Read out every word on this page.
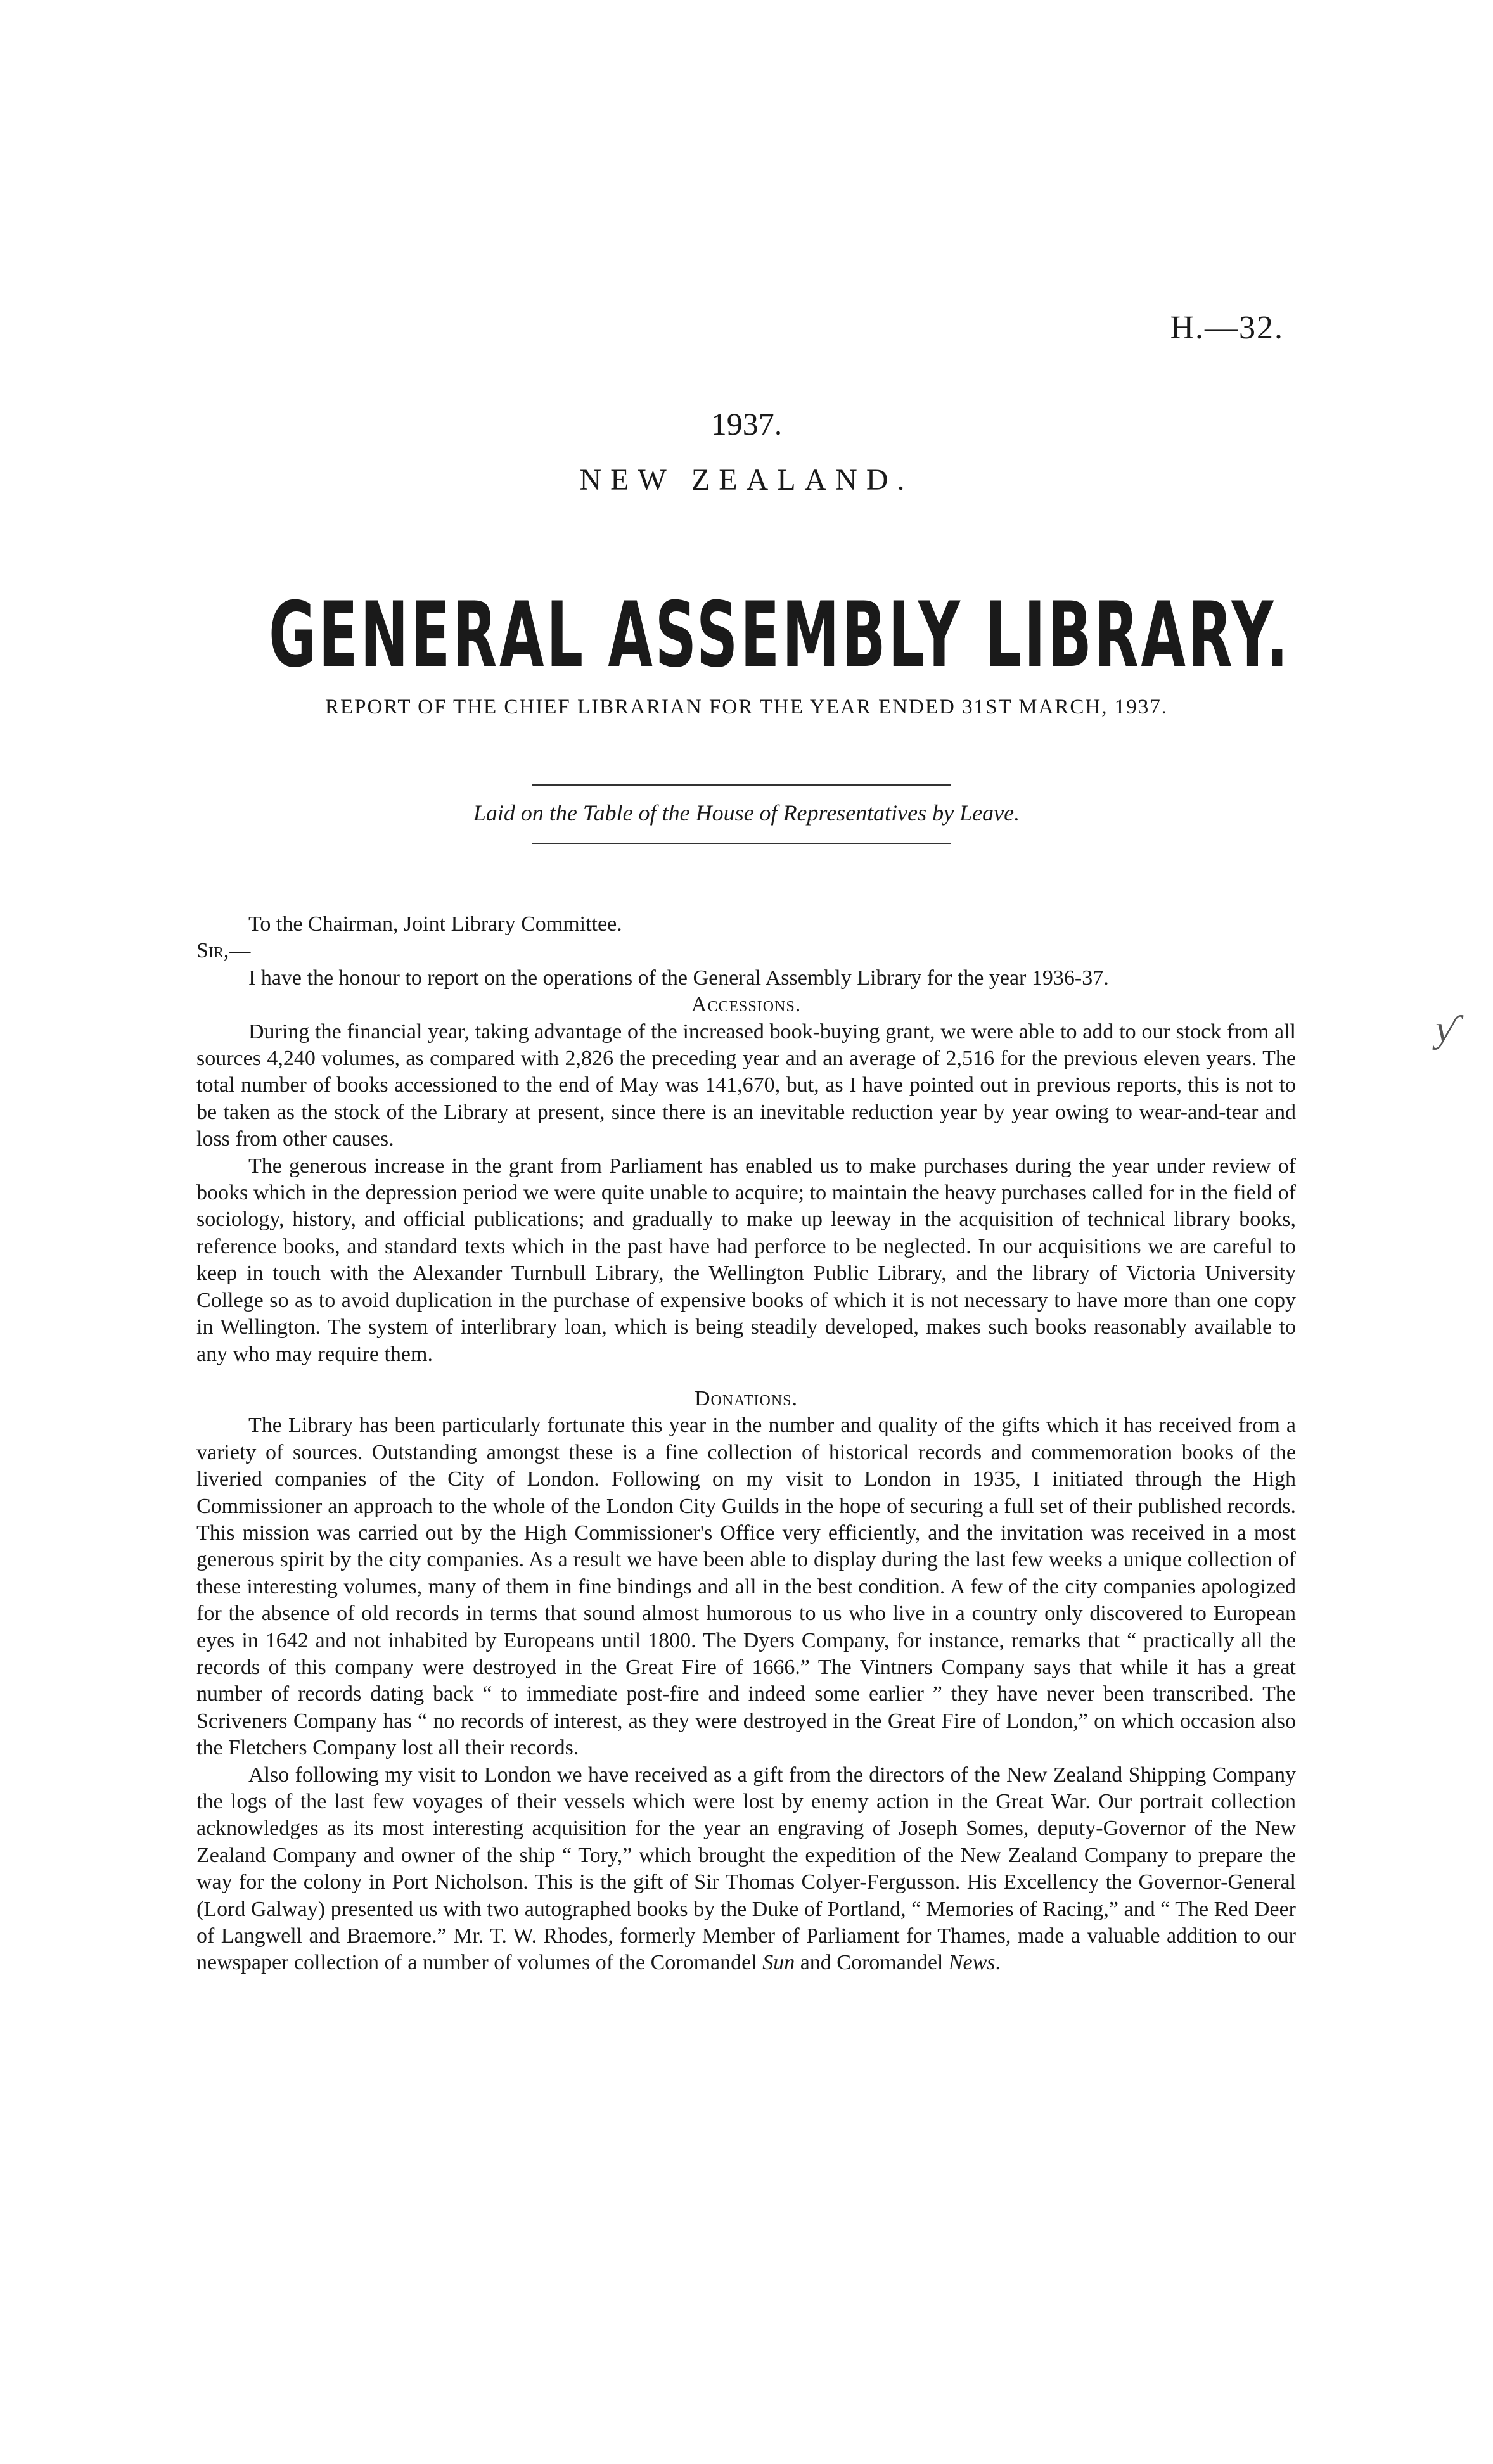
H.—32.
1937.
NEW ZEALAND.
GENERAL ASSEMBLY LIBRARY.
REPORT OF THE CHIEF LIBRARIAN FOR THE YEAR ENDED 31ST MARCH, 1937.
Laid on the Table of the House of Representatives by Leave.
ƴ

To the Chairman, Joint Library Committee.

Sir,—

I have the honour to report on the operations of the General Assembly Library for the year 1936-37.

Accessions.

During the financial year, taking advantage of the increased book-buying grant, we were able to add to our stock from all sources 4,240 volumes, as compared with 2,826 the preceding year and an average of 2,516 for the previous eleven years. The total number of books accessioned to the end of May was 141,670, but, as I have pointed out in previous reports, this is not to be taken as the stock of the Library at present, since there is an inevitable reduction year by year owing to wear-and-tear and loss from other causes.

The generous increase in the grant from Parliament has enabled us to make purchases during the year under review of books which in the depression period we were quite unable to acquire; to maintain the heavy purchases called for in the field of sociology, history, and official publications; and gradually to make up leeway in the acquisition of technical library books, reference books, and standard texts which in the past have had perforce to be neglected. In our acquisitions we are careful to keep in touch with the Alexander Turnbull Library, the Wellington Public Library, and the library of Victoria University College so as to avoid duplication in the purchase of expensive books of which it is not necessary to have more than one copy in Wellington. The system of interlibrary loan, which is being steadily developed, makes such books reasonably available to any who may require them.

Donations.

The Library has been particularly fortunate this year in the number and quality of the gifts which it has received from a variety of sources. Outstanding amongst these is a fine collection of historical records and commemoration books of the liveried companies of the City of London. Following on my visit to London in 1935, I initiated through the High Commissioner an approach to the whole of the London City Guilds in the hope of securing a full set of their published records. This mission was carried out by the High Commissioner's Office very efficiently, and the invitation was received in a most generous spirit by the city companies. As a result we have been able to display during the last few weeks a unique collection of these interesting volumes, many of them in fine bindings and all in the best condition. A few of the city companies apologized for the absence of old records in terms that sound almost humorous to us who live in a country only discovered to European eyes in 1642 and not inhabited by Europeans until 1800. The Dyers Company, for instance, remarks that “ practically all the records of this company were destroyed in the Great Fire of 1666.” The Vintners Company says that while it has a great number of records dating back “ to immediate post-fire and indeed some earlier ” they have never been transcribed. The Scriveners Company has “ no records of interest, as they were destroyed in the Great Fire of London,” on which occasion also the Fletchers Company lost all their records.

Also following my visit to London we have received as a gift from the directors of the New Zealand Shipping Company the logs of the last few voyages of their vessels which were lost by enemy action in the Great War. Our portrait collection acknowledges as its most interesting acquisition for the year an engraving of Joseph Somes, deputy-Governor of the New Zealand Company and owner of the ship “ Tory,” which brought the expedition of the New Zealand Company to prepare the way for the colony in Port Nicholson. This is the gift of Sir Thomas Colyer-Fergusson. His Excellency the Governor-General (Lord Galway) presented us with two autographed books by the Duke of Portland, “ Memories of Racing,” and “ The Red Deer of Langwell and Braemore.” Mr. T. W. Rhodes, formerly Member of Parliament for Thames, made a valuable addition to our newspaper collection of a number of volumes of the Coromandel Sun and Coromandel News.
